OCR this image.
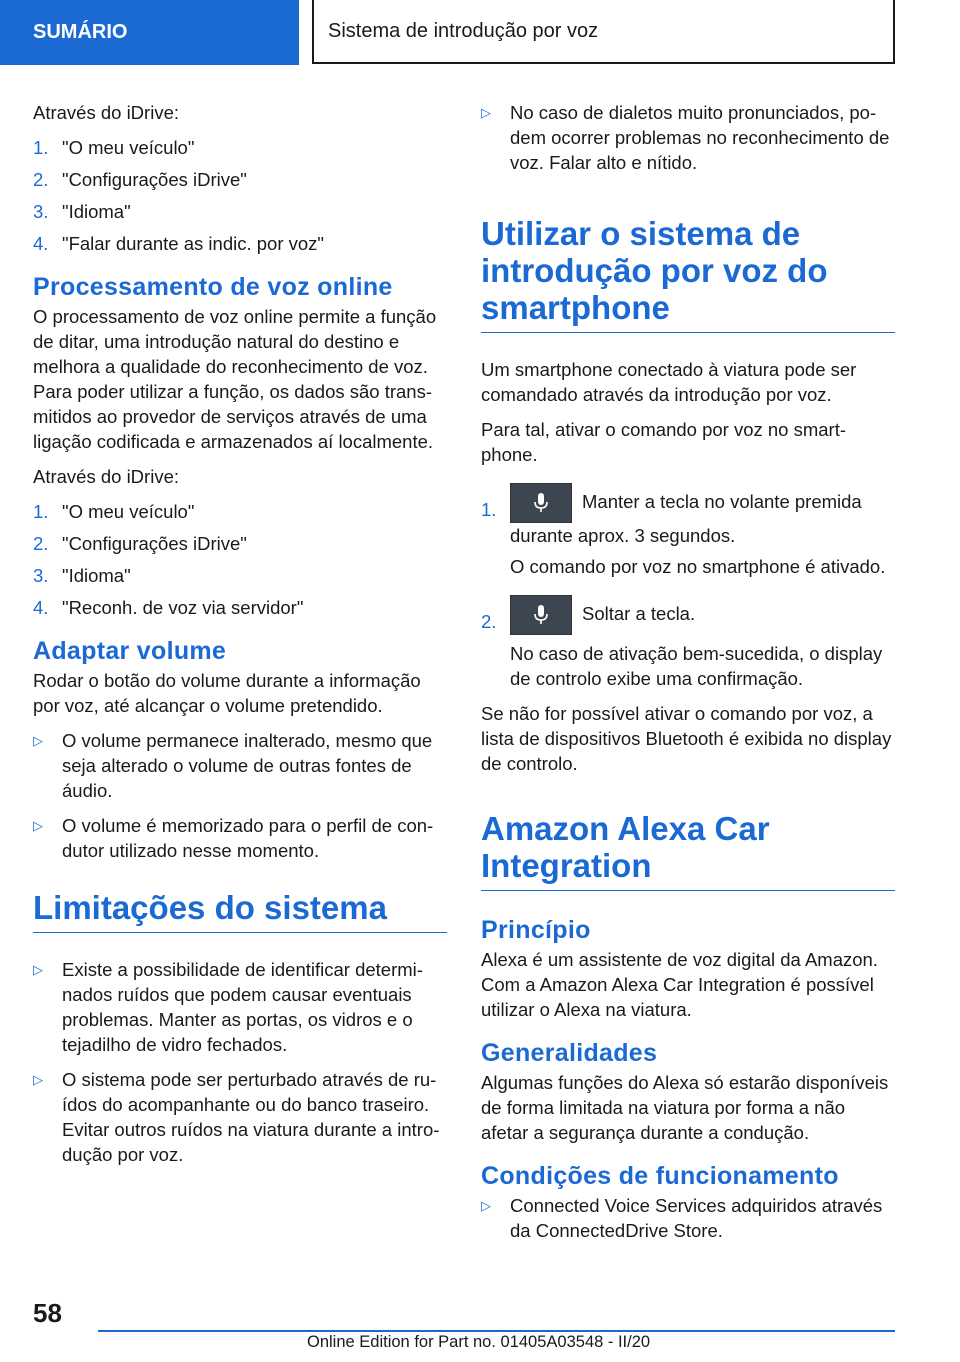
SUMÁRIO	Sistema de introdução por voz

Através do iDrive:

1. "O meu veículo"
2. "Configurações iDrive"
3. "Idioma"
4. "Falar durante as indic. por voz"
Processamento de voz online

O processamento de voz online permite a função de ditar, uma introdução natural do destino e melhora a qualidade do reconhecimento de voz. Para poder utilizar a função, os dados são transmitidos ao provedor de serviços através de uma ligação codificada e armazenados aí localmente.

Através do iDrive:

1. "O meu veículo"
2. "Configurações iDrive"
3. "Idioma"
4. "Reconh. de voz via servidor"
Adaptar volume

Rodar o botão do volume durante a informação por voz, até alcançar o volume pretendido.

▷	O volume permanece inalterado, mesmo que seja alterado o volume de outras fontes de áudio.
▷	O volume é memorizado para o perfil de condutor utilizado nesse momento.
Limitações do sistema
▷	Existe a possibilidade de identificar determinados ruídos que podem causar eventuais problemas. Manter as portas, os vidros e o tejadilho de vidro fechados.
▷	O sistema pode ser perturbado através de ruídos do acompanhante ou do banco traseiro. Evitar outros ruídos na viatura durante a introdução por voz.
▷	No caso de dialetos muito pronunciados, podem ocorrer problemas no reconhecimento de voz. Falar alto e nítido.
Utilizar o sistema de introdução por voz do smartphone

Um smartphone conectado à viatura pode ser comandado através da introdução por voz.

Para tal, ativar o comando por voz no smartphone.

1.	Manter a tecla no volante premida durante aprox. 3 segundos.

O comando por voz no smartphone é ativado.

2.	Soltar a tecla.

No caso de ativação bem-sucedida, o display de controlo exibe uma confirmação.

Se não for possível ativar o comando por voz, a lista de dispositivos Bluetooth é exibida no display de controlo.

Amazon Alexa Car Integration
Princípio

Alexa é um assistente de voz digital da Amazon. Com a Amazon Alexa Car Integration é possível utilizar o Alexa na viatura.

Generalidades

Algumas funções do Alexa só estarão disponíveis de forma limitada na viatura por forma a não afetar a segurança durante a condução.

Condições de funcionamento
▷	Connected Voice Services adquiridos através da ConnectedDrive Store.
58
Online Edition for Part no. 01405A03548 - II/20
